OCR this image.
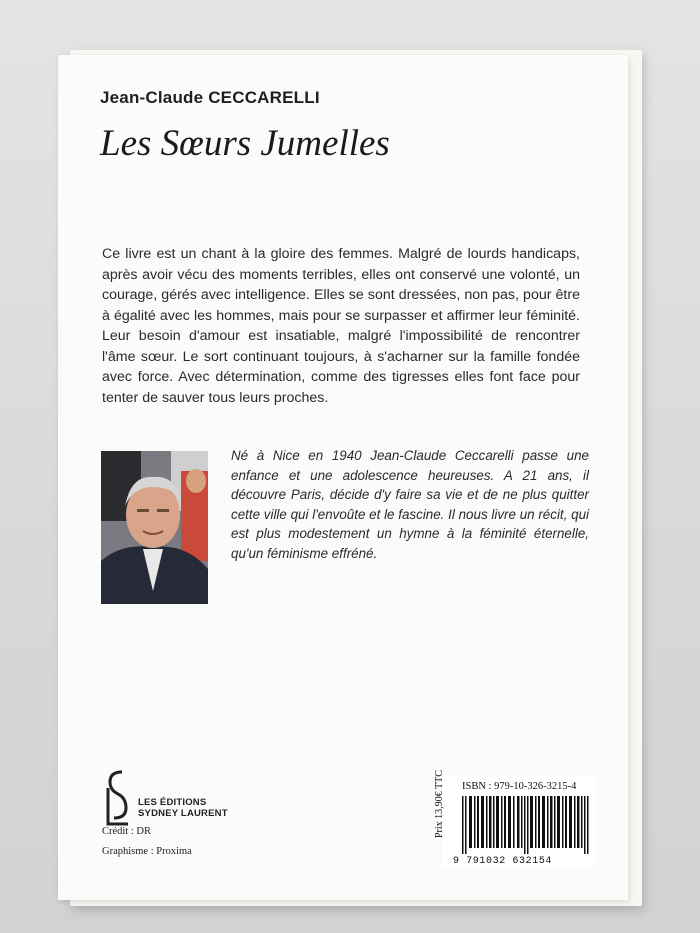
Jean-Claude CECCARELLI
Les Sœurs Jumelles
Ce livre est un chant à la gloire des femmes. Malgré de lourds handicaps, après avoir vécu des moments terribles, elles ont conservé une volonté, un courage, gérés avec intelligence. Elles se sont dressées, non pas, pour être à égalité avec les hommes, mais pour se surpasser et affirmer leur féminité. Leur besoin d'amour est insatiable, malgré l'impossibilité de rencontrer l'âme sœur. Le sort continuant toujours, à s'acharner sur la famille fondée avec force. Avec détermination, comme des tigresses elles font face pour tenter de sauver tous leurs proches.
Né à Nice en 1940 Jean-Claude Ceccarelli passe une enfance et une adolescence heureuses. A 21 ans, il découvre Paris, décide d'y faire sa vie et de ne plus quitter cette ville qui l'envoûte et le fascine. Il nous livre un récit, qui est plus modestement un hymne à la féminité éternelle, qu'un féminisme effréné.
LES ÉDITIONS
SYDNEY LAURENT
Crédit : DR
Graphisme : Proxima
Prix 13,90€ TTC ISBN : 979-10-326-3215-4
9 791032 632154
